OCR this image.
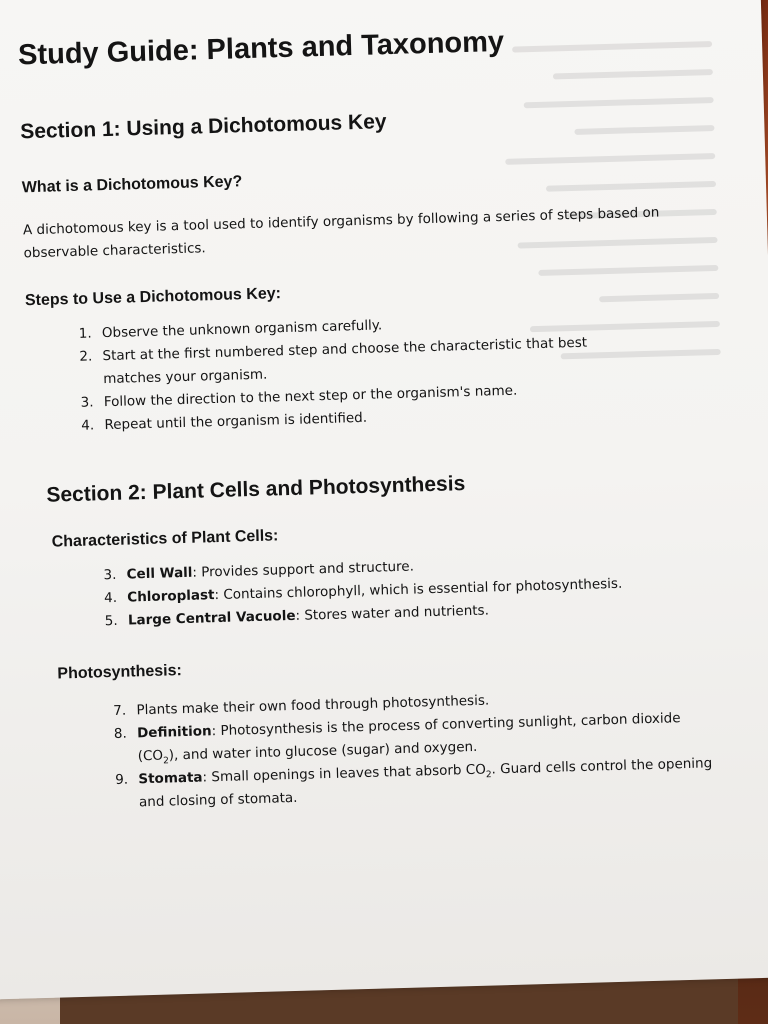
Study Guide: Plants and Taxonomy
Section 1: Using a Dichotomous Key
What is a Dichotomous Key?

A dichotomous key is a tool used to identify organisms by following a series of steps based on observable characteristics.

Steps to Use a Dichotomous Key:
1. Observe the unknown organism carefully.
2. Start at the first numbered step and choose the characteristic that best matches your organism.
3. Follow the direction to the next step or the organism's name.
4. Repeat until the organism is identified.
Section 2: Plant Cells and Photosynthesis
Characteristics of Plant Cells:
3. Cell Wall: Provides support and structure.
4. Chloroplast: Contains chlorophyll, which is essential for photosynthesis.
5. Large Central Vacuole: Stores water and nutrients.
Photosynthesis:
7. Plants make their own food through photosynthesis.
8. Definition: Photosynthesis is the process of converting sunlight, carbon dioxide $(CO_2)$, and water into glucose (sugar) and oxygen.
9. Stomata: Small openings in leaves that absorb $CO_2$. Guard cells control the opening and closing of stomata.
